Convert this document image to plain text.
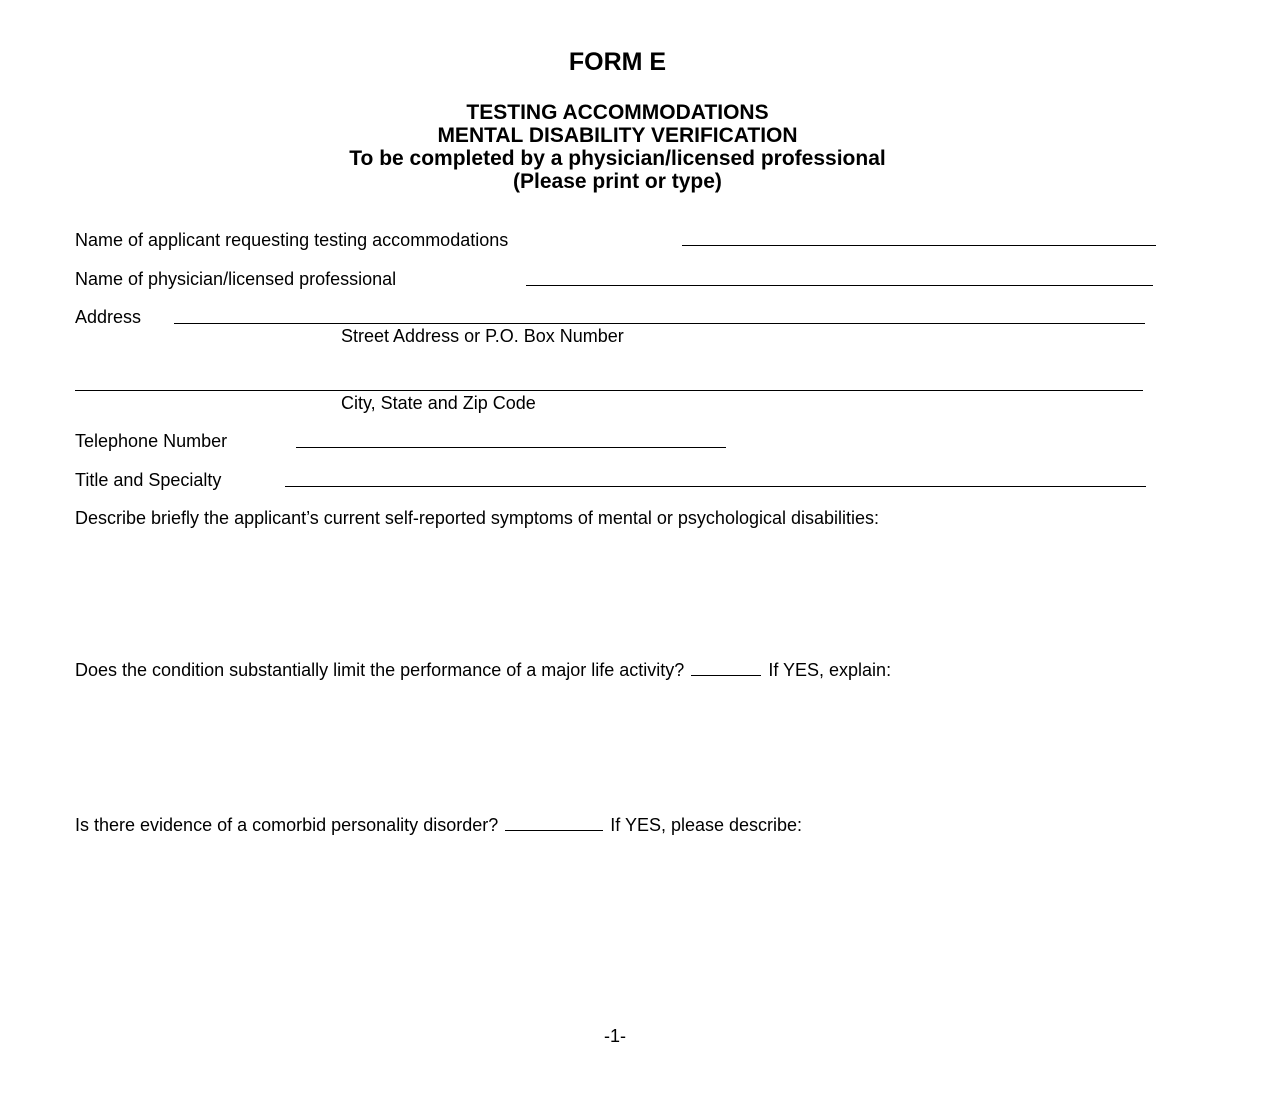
FORM E
TESTING ACCOMMODATIONS
MENTAL DISABILITY VERIFICATION
To be completed by a physician/licensed professional
(Please print or type)
Name of applicant requesting testing accommodations
Name of physician/licensed professional
Address
Street Address or P.O. Box Number
City, State and Zip Code
Telephone Number
Title and Specialty
Describe briefly the applicant’s current self-reported symptoms of mental or psychological disabilities:
Does the condition substantially limit the performance of a major life activity?	If YES, explain:
Is there evidence of a comorbid personality disorder?	If YES, please describe:
-1-
